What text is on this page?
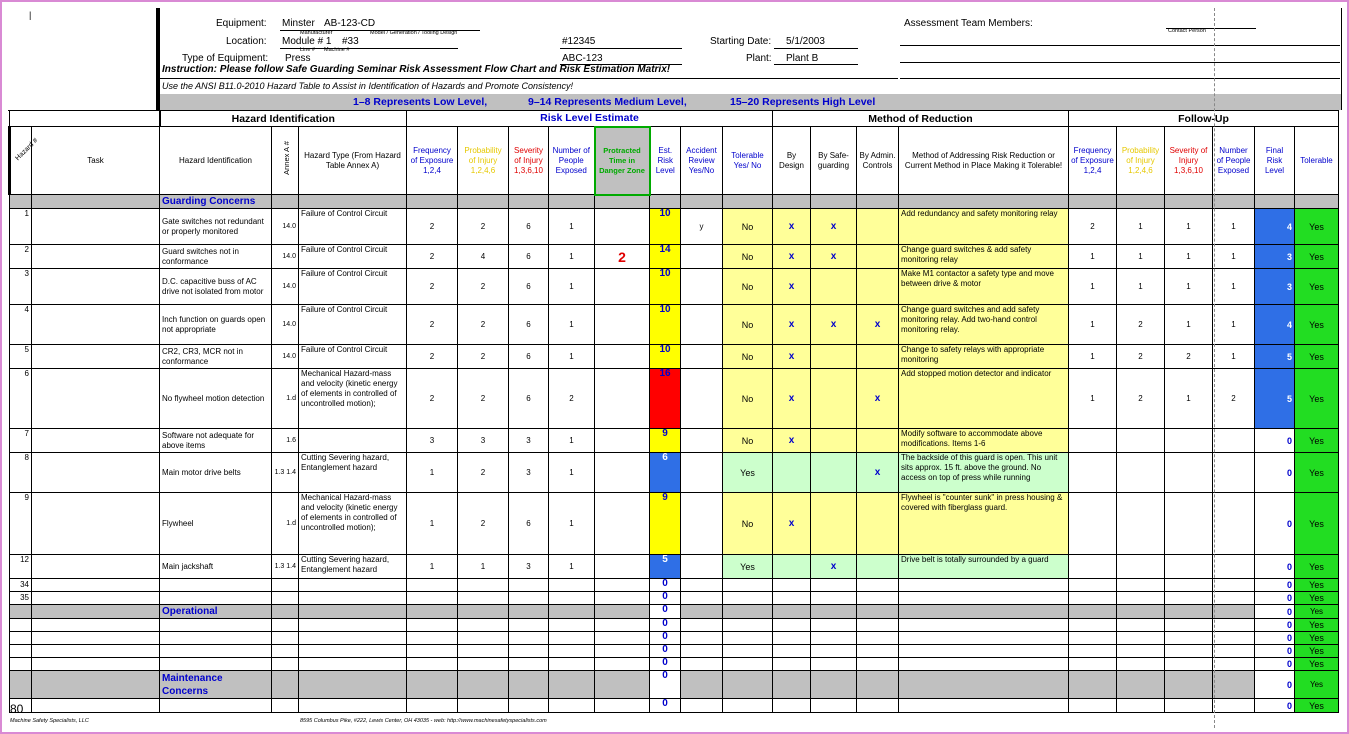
|
Equipment: Minster AB-123-CD
Manufacturer	Model / Generation / Tooling Design
Location: Module # 1 #33
Line # Machine #
#12345
Type of Equipment: Press	ABC-123
Starting Date: 5/1/2003
Plant: Plant B
Assessment Team Members:
Contact Person
Instruction: Please follow Safe Guarding Seminar Risk Assessment Flow Chart and Risk Estimation Matrix!
Use the ANSI B11.0-2010 Hazard Table to Assist in Identification of Hazards and Promote Consistency!
1–8 Represents Low Level,	9–14 Represents Medium Level,	15–20 Represents High Level
		Hazard Identification			Risk Level Estimate								Method of Reduction				Follow-Up					

Hazard #	Task	Hazard Identification	Annex A #	Hazard Type (From Hazard Table Annex A)	Frequency of Exposure 1,2,4	Probability of Injury 1,2,4,6	Severity of Injury 1,3,6,10	Number of People Exposed	Protracted Time in Danger Zone	Est. Risk Level	Accident Review Yes/No	Tolerable Yes/ No	By Design	By Safe-guarding	By Admin. Controls	Method of Addressing Risk Reduction or Current Method in Place Making it Tolerable!	Frequency of Exposure 1,2,4	Probability of Injury 1,2,4,6	Severity of Injury 1,3,6,10	Number of People Exposed	Final Risk Level	Tolerable
		Guarding Concerns																				
1		Gate switches not redundant or properly monitored	14.0	Failure of Control Circuit	2	2	6	1		10	y	No	x	x		Add redundancy and safety monitoring relay	2	1	1	1	4	Yes
2		Guard switches not in conformance	14.0	Failure of Control Circuit	2	4	6	1	2	14		No	x	x		Change guard switches & add safety monitoring relay	1	1	1	1	3	Yes
3		D.C. capacitive buss of AC drive not isolated from motor	14.0	Failure of Control Circuit	2	2	6	1		10		No	x			Make M1 contactor a safety type and move between drive & motor	1	1	1	1	3	Yes
4		Inch function on guards open not appropriate	14.0	Failure of Control Circuit	2	2	6	1		10		No	x	x	x	Change guard switches and add safety monitoring relay. Add two-hand control monitoring relay.	1	2	1	1	4	Yes
5		CR2, CR3, MCR not in conformance	14.0	Failure of Control Circuit	2	2	6	1		10		No	x			Change to safety relays with appropriate monitoring	1	2	2	1	5	Yes
6		No flywheel motion detection	1.d	Mechanical Hazard-mass and velocity (kinetic energy of elements in controlled of uncontrolled motion);	2	2	6	2		16		No	x		x	Add stopped motion detector and indicator	1	2	1	2	5	Yes
7		Software not adequate for above items	1.6		3	3	3	1		9		No	x			Modify software to accommodate above modifications. Items 1-6					0	Yes
8		Main motor drive belts	1.3 1.4	Cutting Severing hazard, Entanglement hazard	1	2	3	1		6		Yes			x	The backside of this guard is open. This unit sits approx. 15 ft. above the ground. No access on top of press while running					0	Yes
9		Flywheel	1.d	Mechanical Hazard-mass and velocity (kinetic energy of elements in controlled of uncontrolled motion);	1	2	6	1		9		No	x			Flywheel is "counter sunk" in press housing & covered with fiberglass guard.					0	Yes
12		Main jackshaft	1.3 1.4	Cutting Severing hazard, Entanglement hazard	1	1	3	1		5		Yes		x		Drive belt is totally surrounded by a guard					0	Yes
34										0											0	Yes
35										0											0	Yes
		Operational								0											0	Yes
										0											0	Yes
										0											0	Yes
										0											0	Yes
										0											0	Yes
		Maintenance Concerns								0											0	Yes
										0											0	Yes
80
Machine Safety Specialists, LLC	8595 Columbus Pike, #222, Lewis Center, OH 43035 - web: http://www.machinesafetyspecialists.com
